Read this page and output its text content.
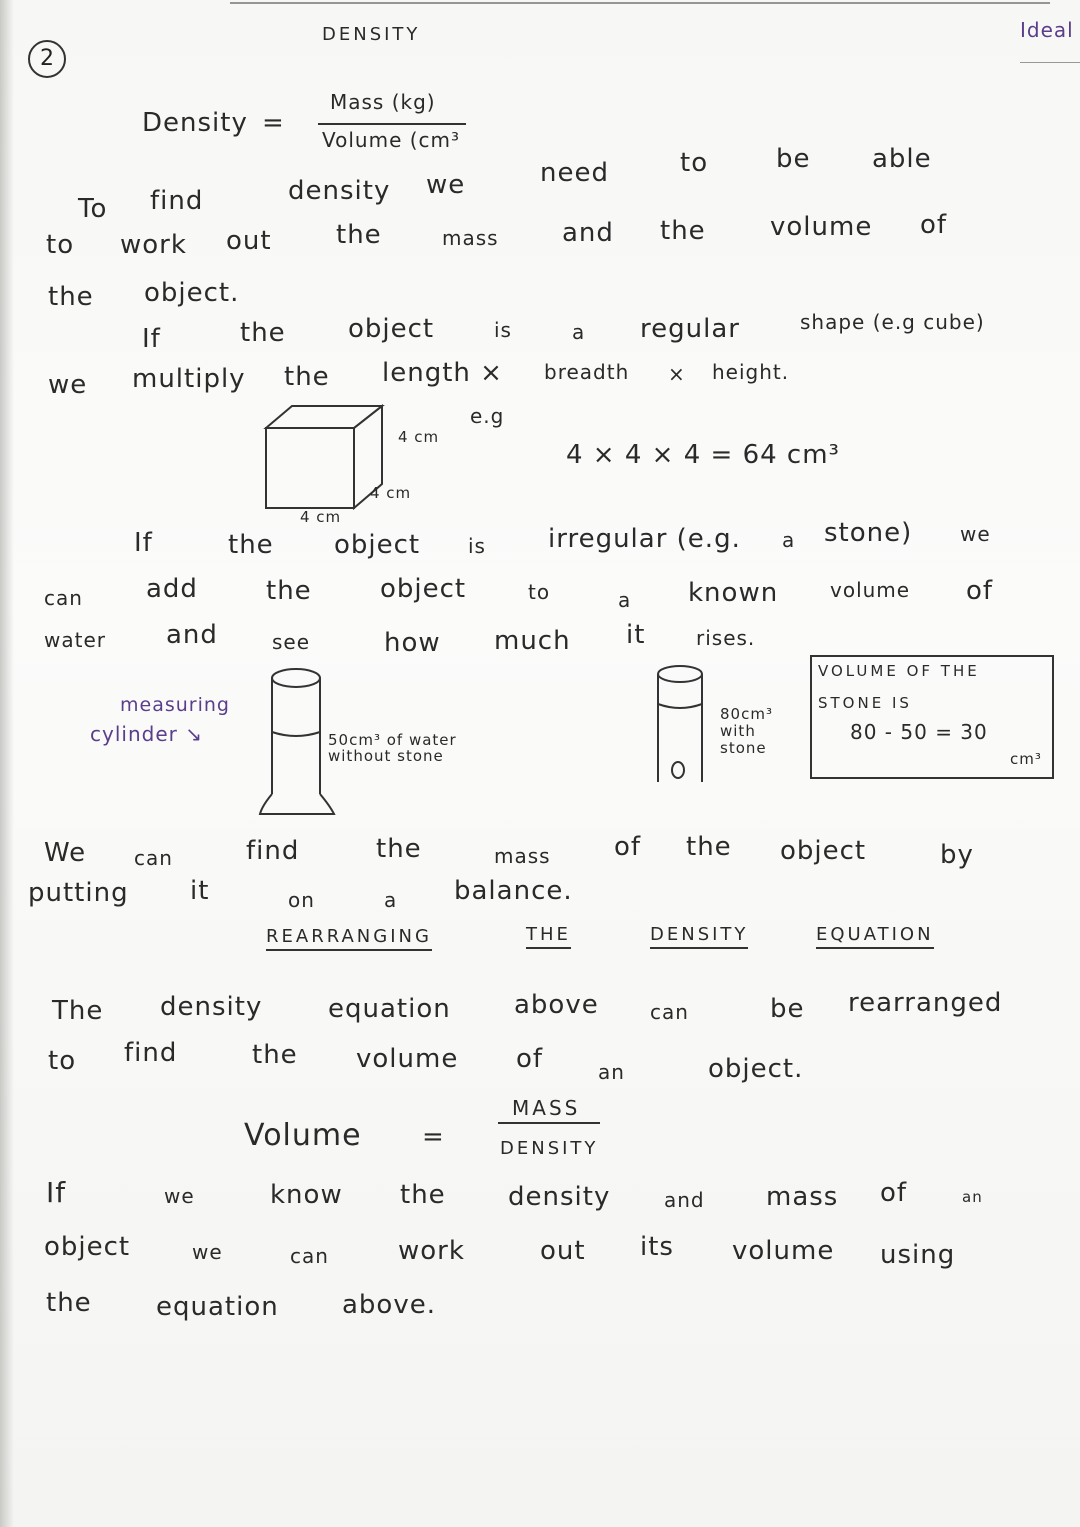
2
Ideal
DENSITY
Density =
Mass (kg)
Volume (cm³
To find	density we	need	to	be able
to work out the	mass and the volume of
the object.
If	the object	is	a regular	shape (e.g cube)
we multiply the length × breadth × height.
e.g
4 cm
4 cm
4 cm
4 × 4 × 4 = 64 cm³
If	the object is irregular (e.g. a stone) we
can add	the	object	to	a known	volume of
water and	see	how much it	rises.
measuring
cylinder ↘	50cm³ of water without stone
80cm³ with stone
VOLUME OF THE
STONE IS
80 - 50 = 30
cm³
We can	find	the	mass of the object	by
putting it	on	a balance.
REARRANGING	THE	DENSITY	EQUATION
The density	equation above	can	be rearranged
to find	the volume of	an	object.
Volume =
MASS
DENSITY
If	we	know the density	and mass of	an
object	we	can	work	out its volume using
the equation above.
